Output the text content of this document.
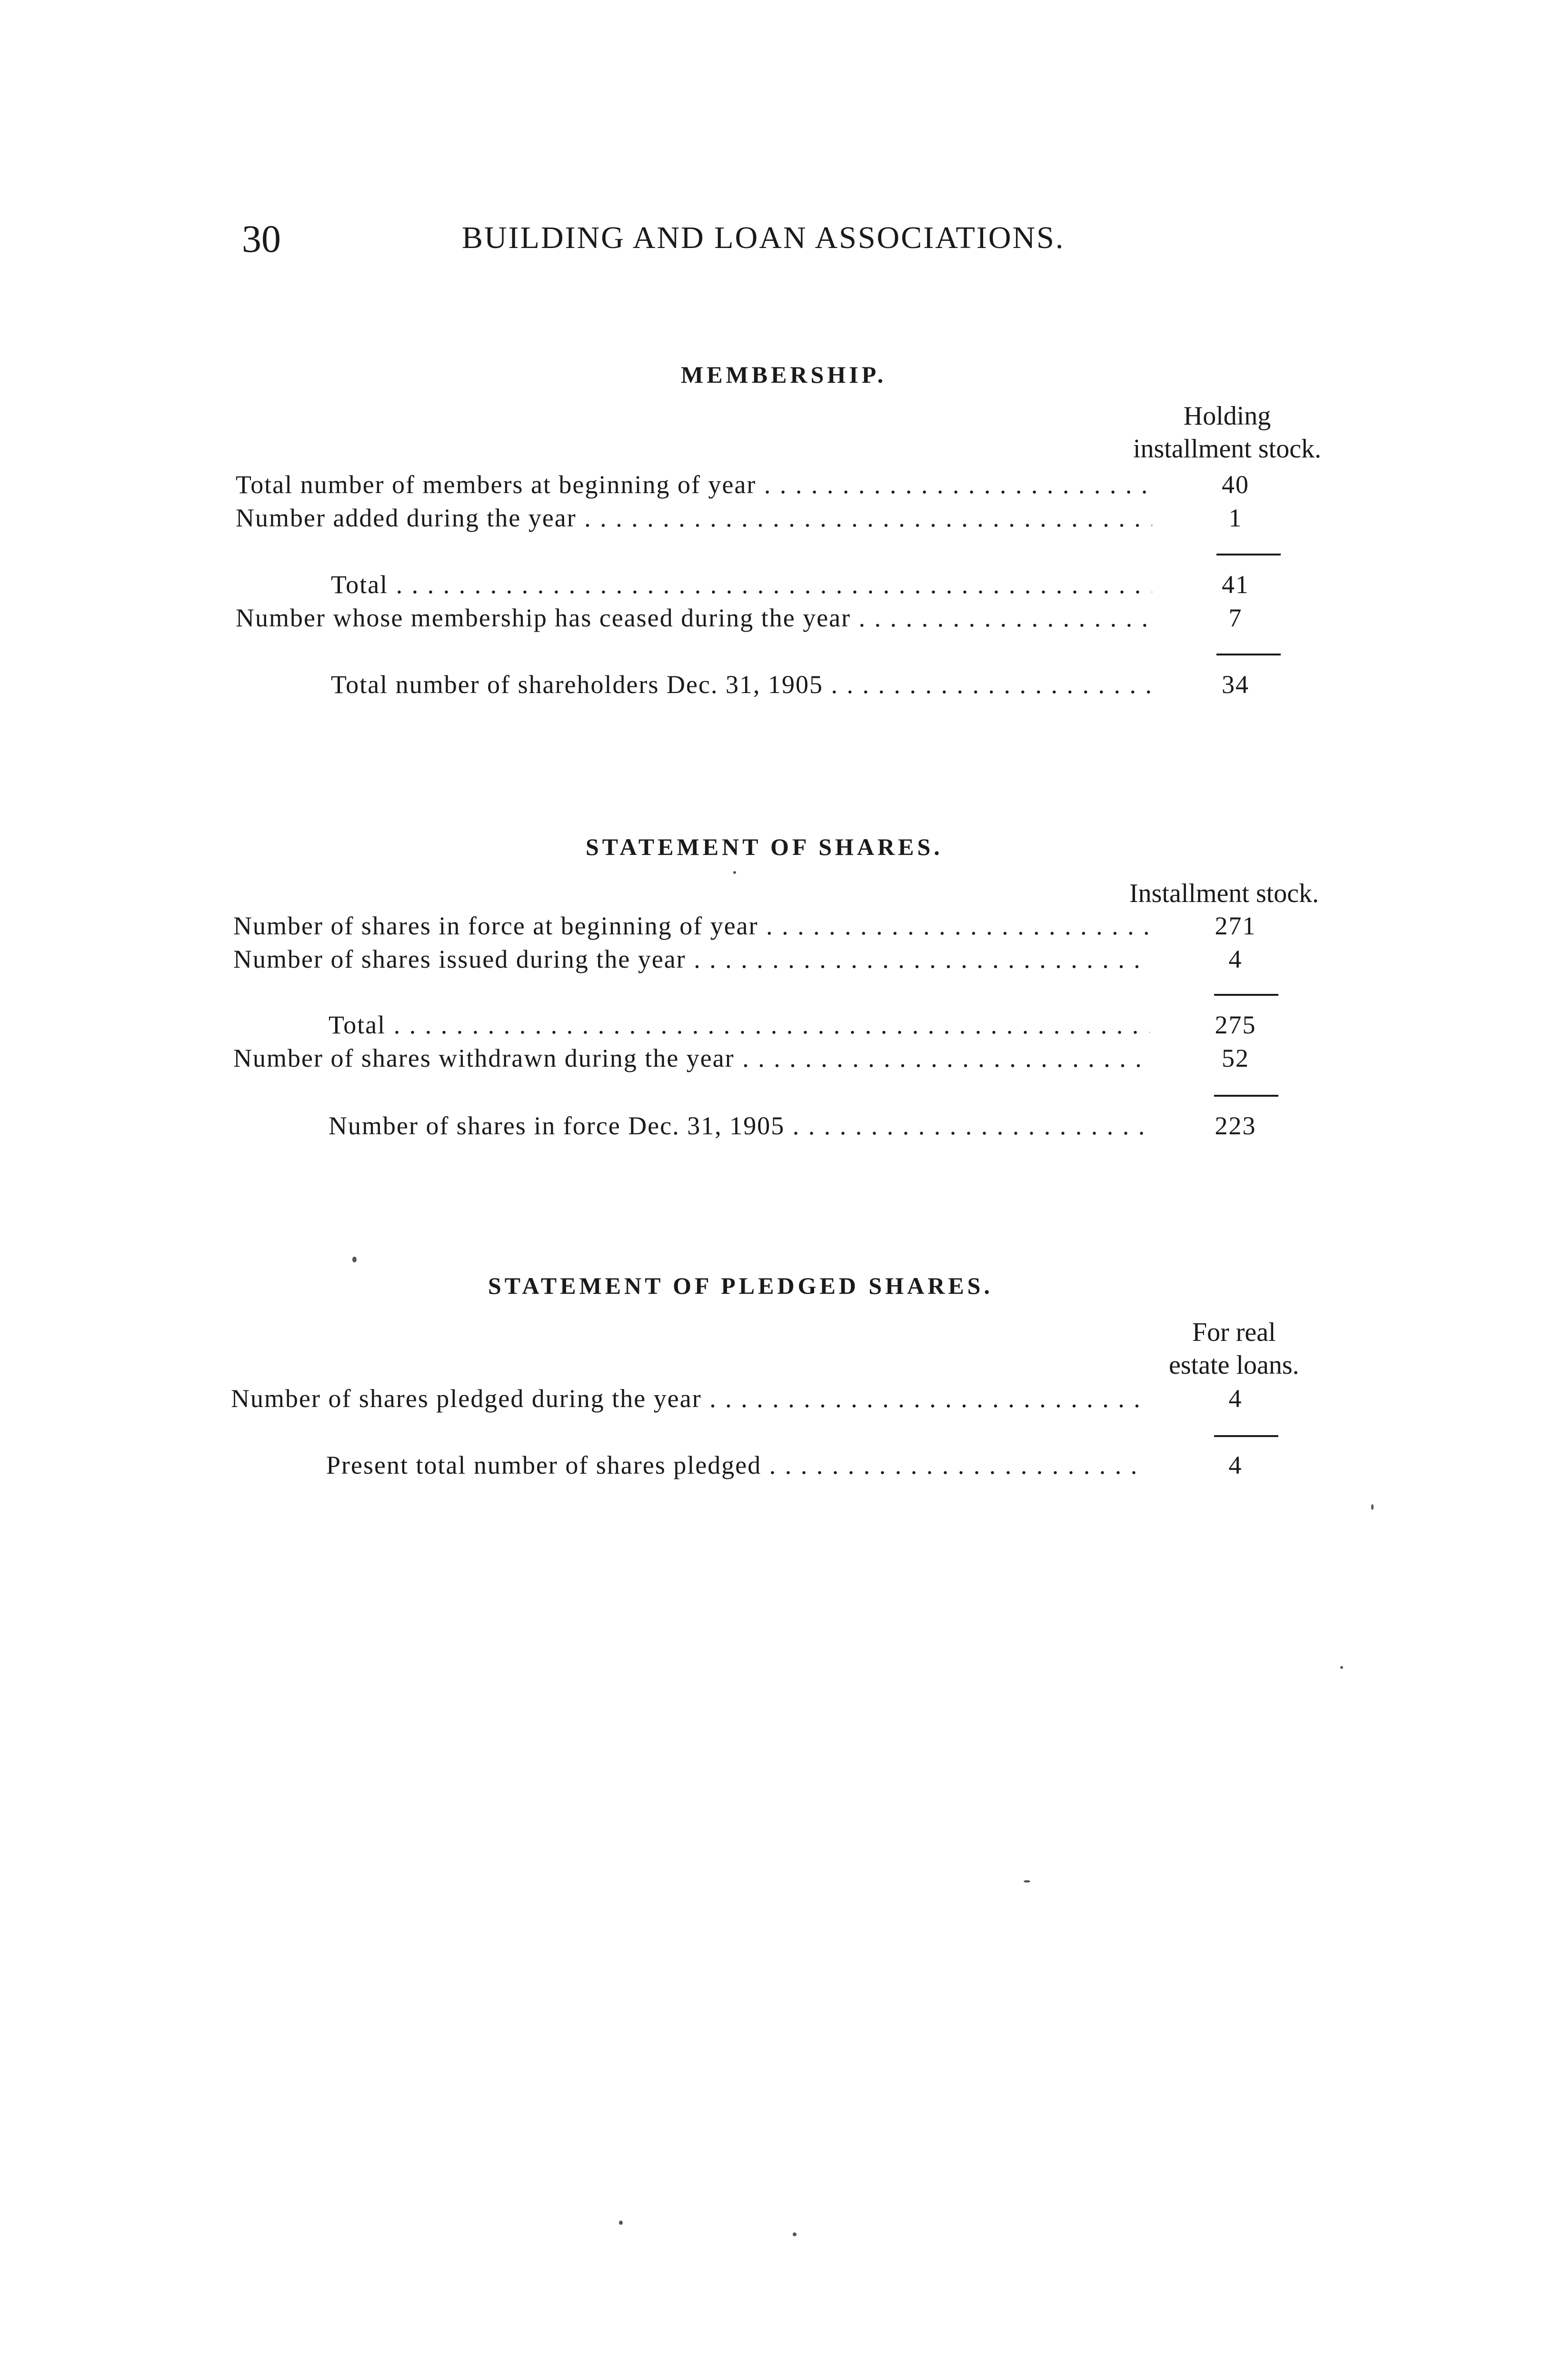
30	BUILDING AND LOAN ASSOCIATIONS.
MEMBERSHIP.
Holding
installment stock.
Total number of members at beginning of year . . .	40
Number added during the year . . .	1
Total . . .	41
Number whose membership has ceased during the year . . .	7
Total number of shareholders Dec. 31, 1905 . . .	34
STATEMENT OF SHARES.
Installment stock.
Number of shares in force at beginning of year . . .	271
Number of shares issued during the year . . .	4
Total . . .	275
Number of shares withdrawn during the year . . .	52
Number of shares in force Dec. 31, 1905 . . .	223
STATEMENT OF PLEDGED SHARES.
For real
estate loans.
Number of shares pledged during the year . . .	4
Present total number of shares pledged . . .	4
